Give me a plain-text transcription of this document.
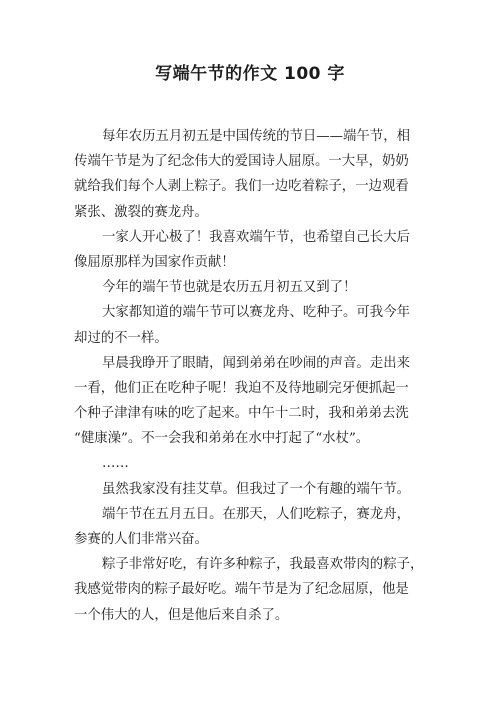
写端午节的作文 100 字
每年农历五月初五是中国传统的节日——端午节，相
传端午节是为了纪念伟大的爱国诗人屈原。一大早，奶奶
就给我们每个人剥上粽子。我们一边吃着粽子，一边观看
紧张、激裂的赛龙舟。
一家人开心极了！我喜欢端午节，也希望自己长大后
像屈原那样为国家作贡献！
今年的端午节也就是农历五月初五又到了！
大家都知道的端午节可以赛龙舟、吃种子。可我今年
却过的不一样。
早晨我睁开了眼睛，闻到弟弟在吵闹的声音。走出来
一看，他们正在吃种子呢！我迫不及待地刷完牙便抓起一
个种子津津有味的吃了起来。中午十二时，我和弟弟去洗
“健康澡”。不一会我和弟弟在水中打起了“水杖”。
……
虽然我家没有挂艾草。但我过了一个有趣的端午节。
端午节在五月五日。在那天，人们吃粽子，赛龙舟，
参赛的人们非常兴奋。
粽子非常好吃，有许多种粽子，我最喜欢带肉的粽子，
我感觉带肉的粽子最好吃。端午节是为了纪念屈原，他是
一个伟大的人，但是他后来自杀了。
